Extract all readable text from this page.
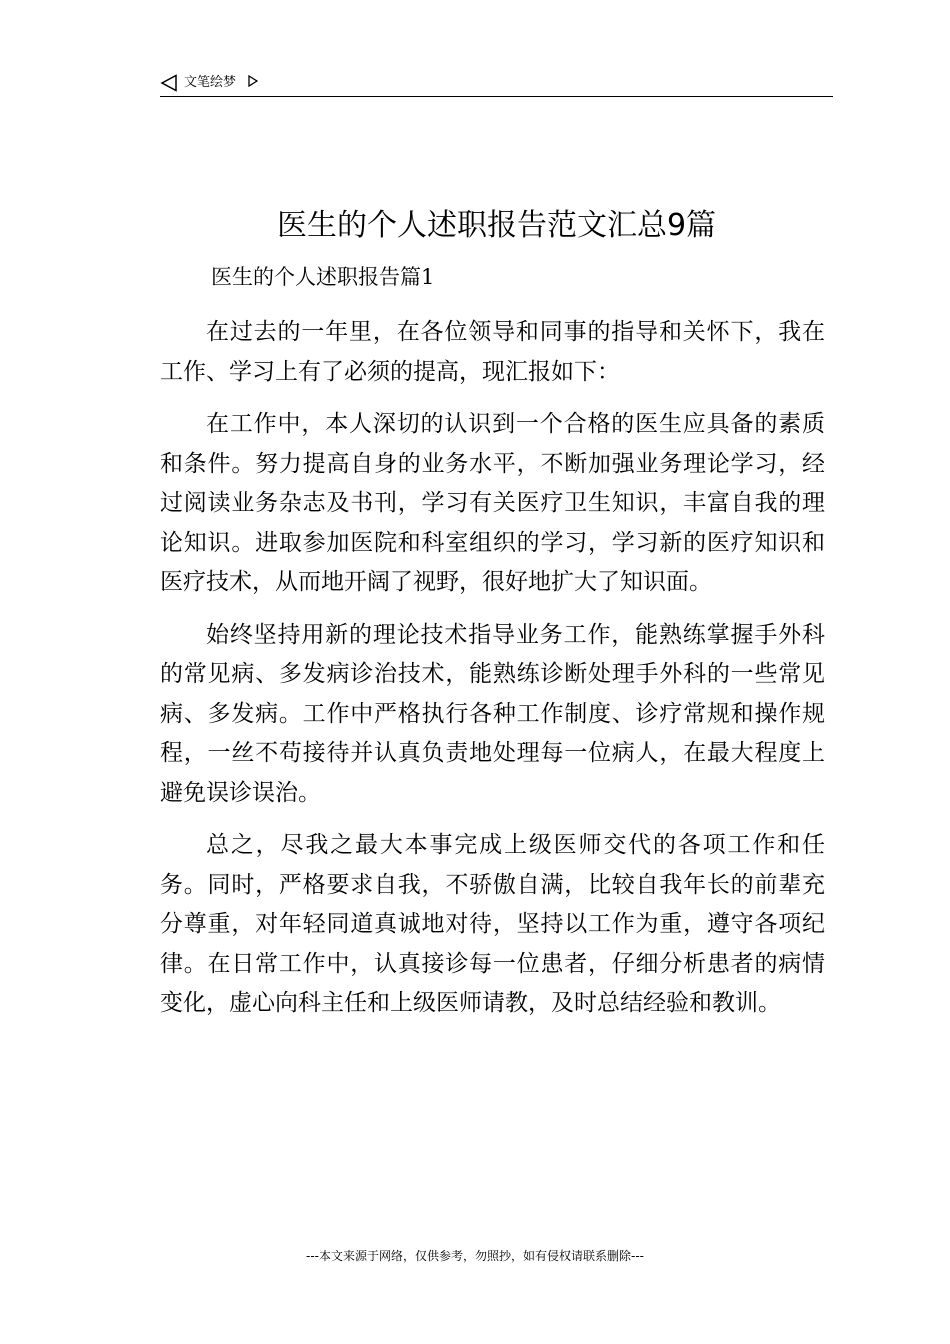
文笔绘梦
医生的个人述职报告范文汇总9篇
医生的个人述职报告篇1

在过去的一年里，在各位领导和同事的指导和关怀下，我在工作、学习上有了必须的提高，现汇报如下：

在工作中，本人深切的认识到一个合格的医生应具备的素质和条件。努力提高自身的业务水平，不断加强业务理论学习，经过阅读业务杂志及书刊，学习有关医疗卫生知识，丰富自我的理论知识。进取参加医院和科室组织的学习，学习新的医疗知识和医疗技术，从而地开阔了视野，很好地扩大了知识面。

始终坚持用新的理论技术指导业务工作，能熟练掌握手外科的常见病、多发病诊治技术，能熟练诊断处理手外科的一些常见病、多发病。工作中严格执行各种工作制度、诊疗常规和操作规程，一丝不苟接待并认真负责地处理每一位病人，在最大程度上避免误诊误治。

总之，尽我之最大本事完成上级医师交代的各项工作和任务。同时，严格要求自我，不骄傲自满，比较自我年长的前辈充分尊重，对年轻同道真诚地对待，坚持以工作为重，遵守各项纪律。在日常工作中，认真接诊每一位患者，仔细分析患者的病情变化，虚心向科主任和上级医师请教，及时总结经验和教训。

---本文来源于网络，仅供参考，勿照抄，如有侵权请联系删除---
